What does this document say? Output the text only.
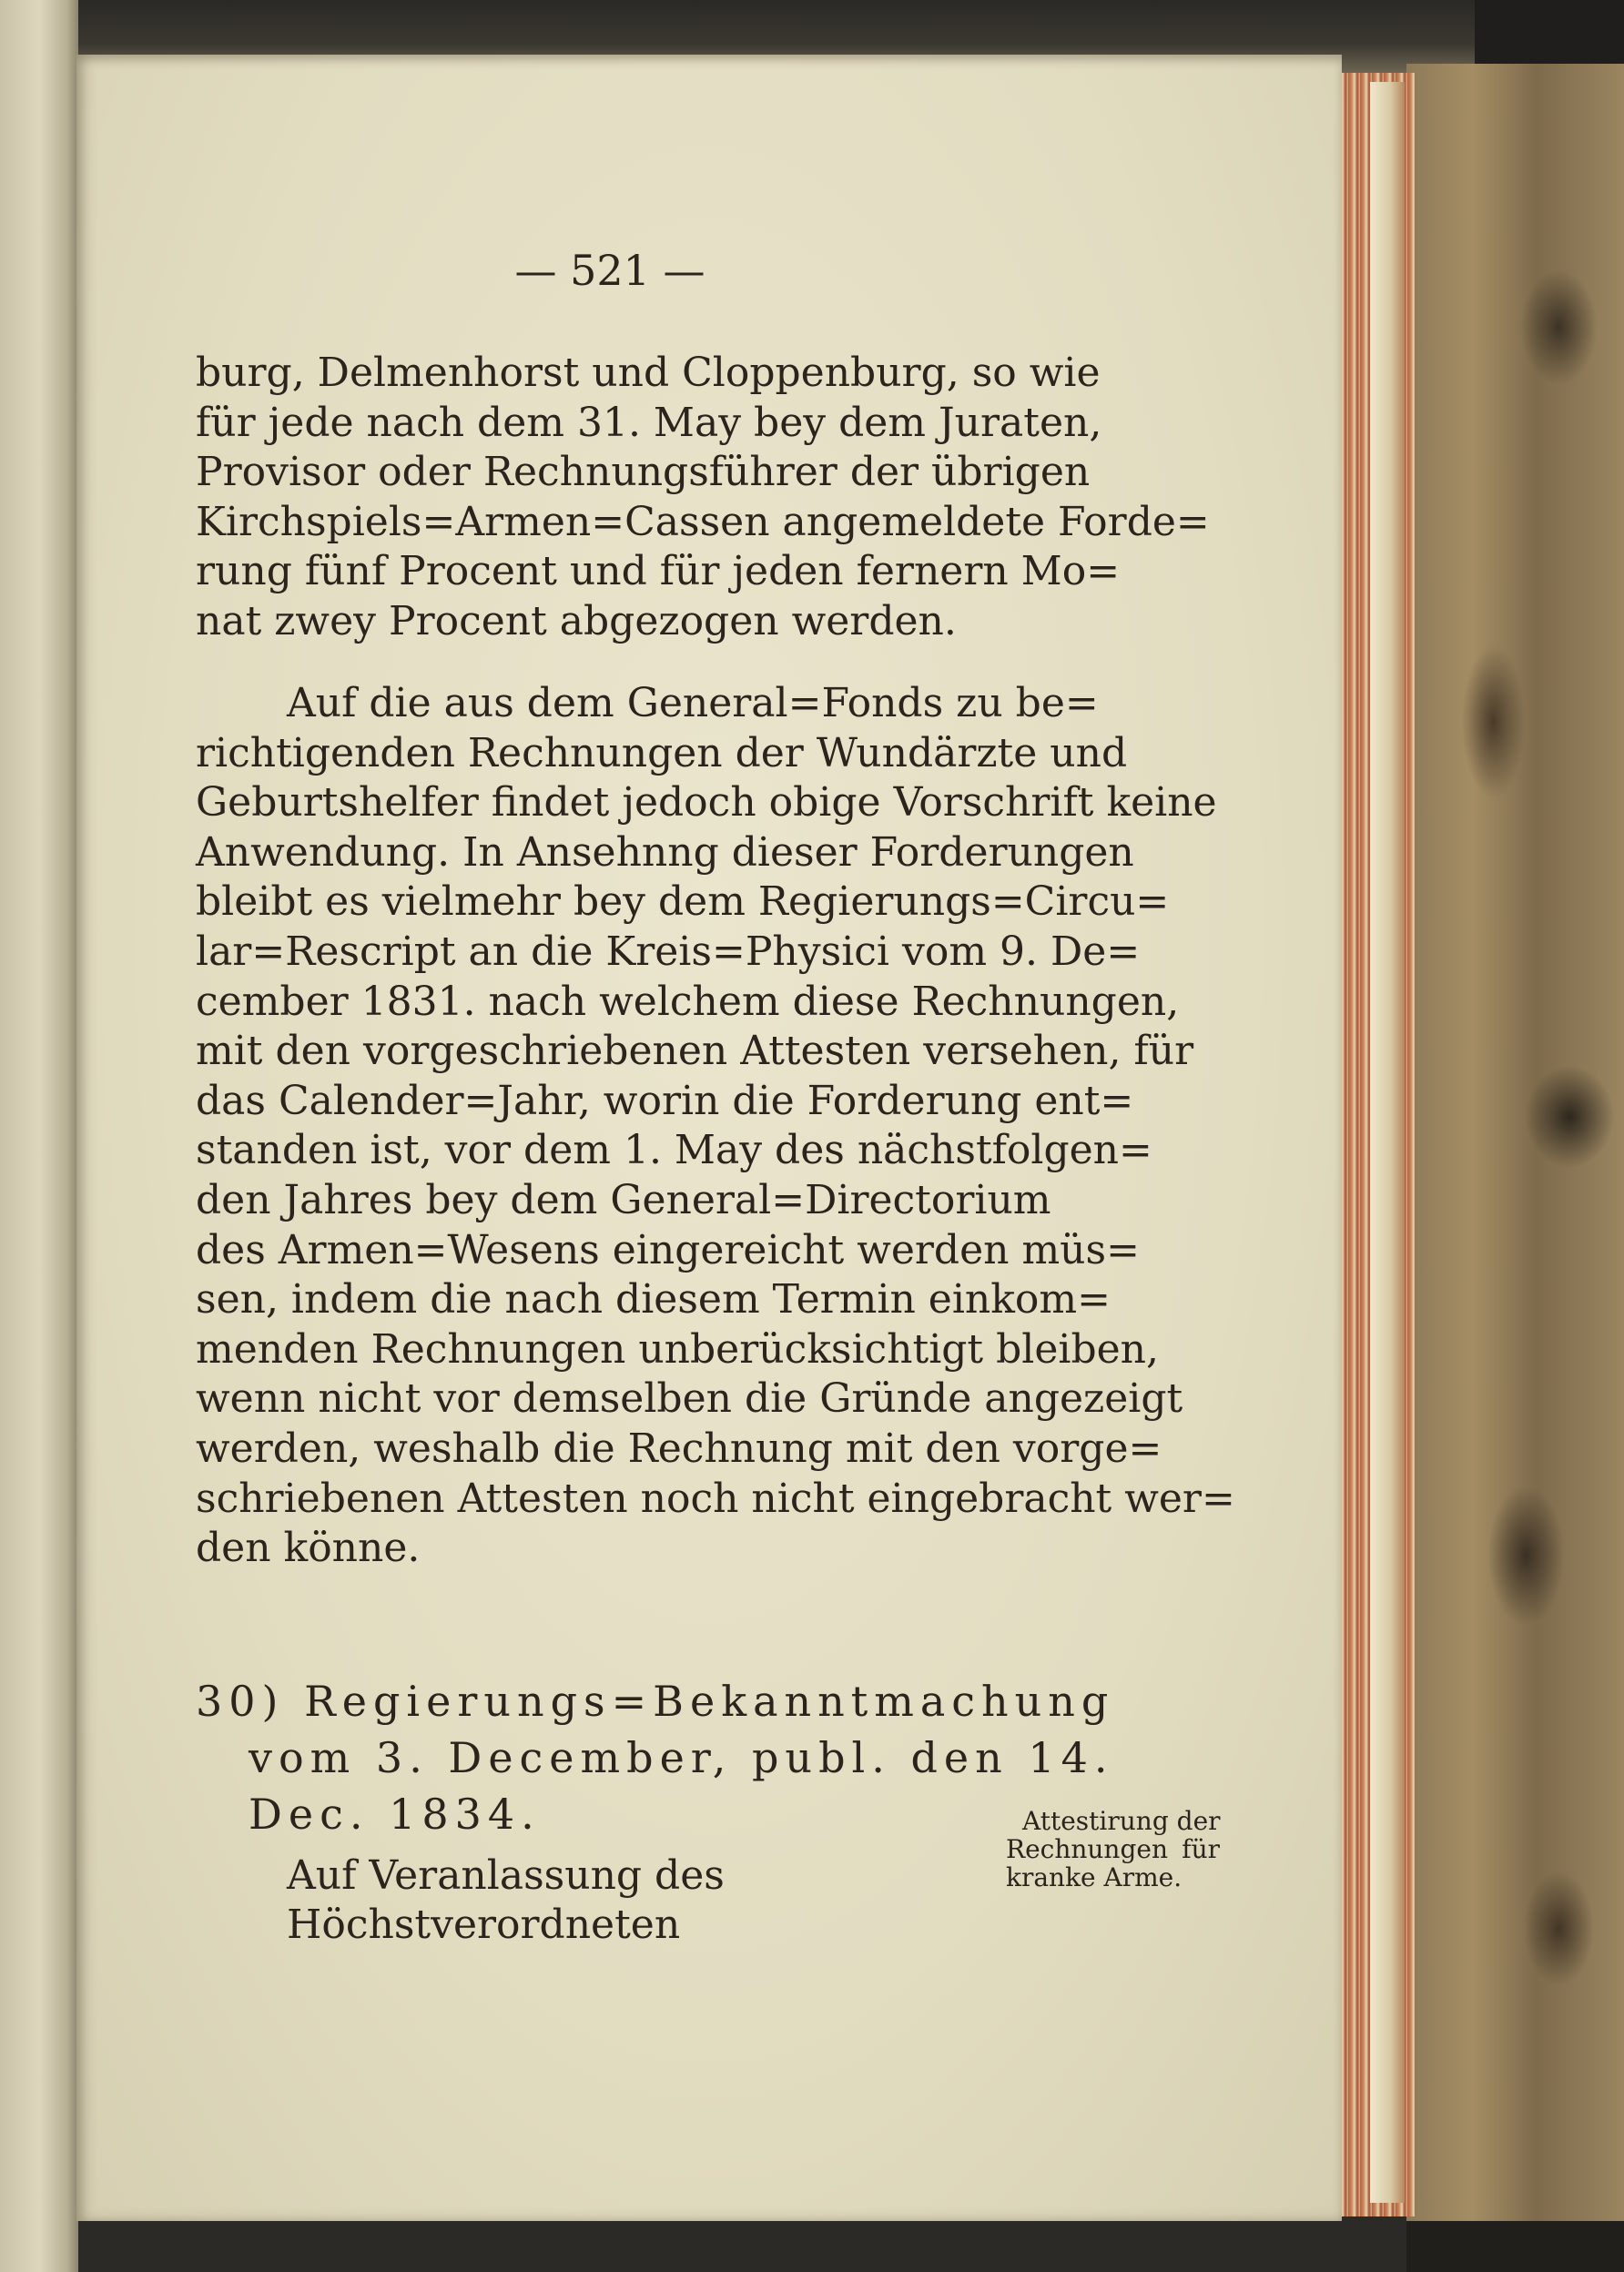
— 521 —
burg, Delmenhorst und Cloppenburg, so wie
für jede nach dem 31. May bey dem Juraten,
Provisor oder Rechnungsführer der übrigen
Kirchspiels=Armen=Cassen angemeldete Forde=
rung fünf Procent und für jeden fernern Mo=
nat zwey Procent abgezogen werden.
Auf die aus dem General=Fonds zu be=
richtigenden Rechnungen der Wundärzte und
Geburtshelfer findet jedoch obige Vorschrift keine
Anwendung. In Ansehnng dieser Forderungen
bleibt es vielmehr bey dem Regierungs=Circu=
lar=Rescript an die Kreis=Physici vom 9. De=
cember 1831. nach welchem diese Rechnungen,
mit den vorgeschriebenen Attesten versehen, für
das Calender=Jahr, worin die Forderung ent=
standen ist, vor dem 1. May des nächstfolgen=
den Jahres bey dem General=Directorium
des Armen=Wesens eingereicht werden müs=
sen, indem die nach diesem Termin einkom=
menden Rechnungen unberücksichtigt bleiben,
wenn nicht vor demselben die Gründe angezeigt
werden, weshalb die Rechnung mit den vorge=
schriebenen Attesten noch nicht eingebracht wer=
den könne.
30) Regierungs=Bekanntmachung
vom 3. December, publ. den 14.
Dec. 1834.
Auf Veranlassung des Höchstverordneten
Attestirung der
Rechnungen für
kranke Arme.
